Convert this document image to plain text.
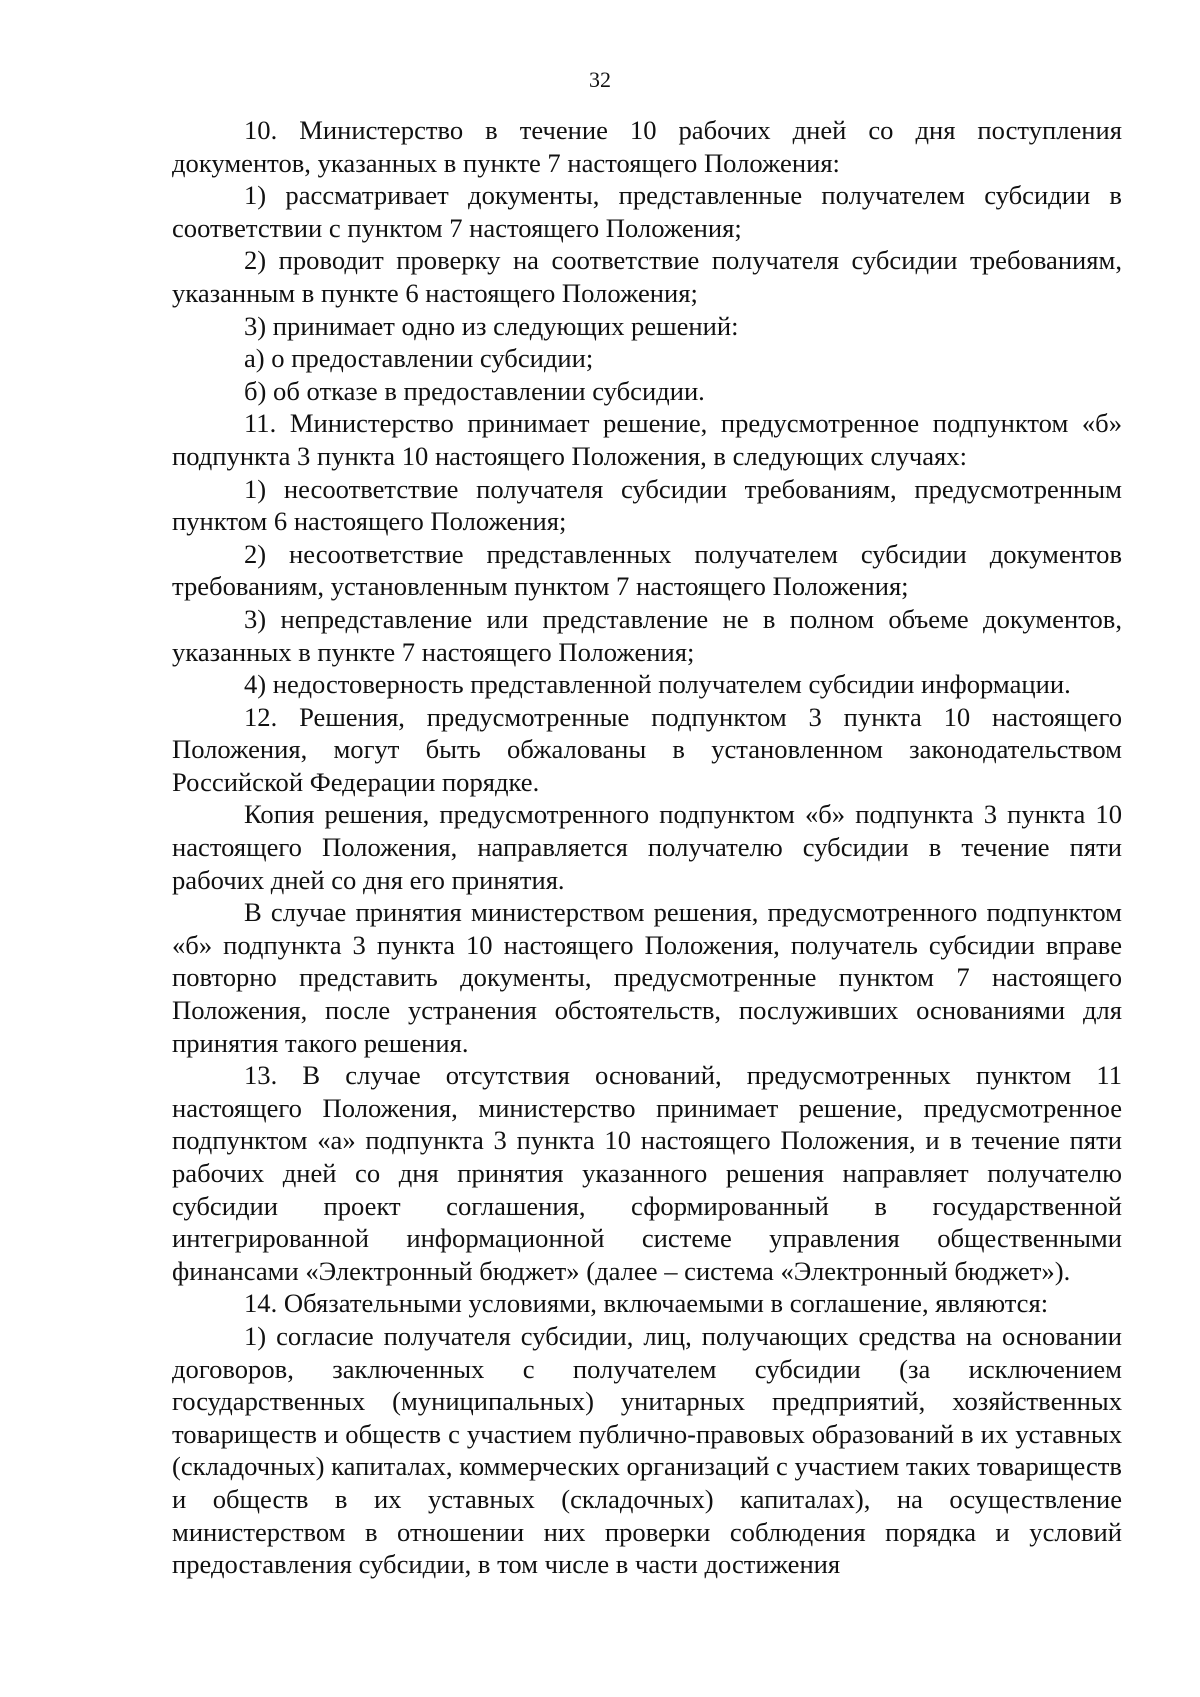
32

10. Министерство в течение 10 рабочих дней со дня поступления документов, указанных в пункте 7 настоящего Положения:

1) рассматривает документы, представленные получателем субсидии в соответствии с пунктом 7 настоящего Положения;

2) проводит проверку на соответствие получателя субсидии требованиям, указанным в пункте 6 настоящего Положения;

3) принимает одно из следующих решений:

а) о предоставлении субсидии;

б) об отказе в предоставлении субсидии.

11. Министерство принимает решение, предусмотренное подпунктом «б» подпункта 3 пункта 10 настоящего Положения, в следующих случаях:

1) несоответствие получателя субсидии требованиям, предусмотренным пунктом 6 настоящего Положения;

2) несоответствие представленных получателем субсидии документов требованиям, установленным пунктом 7 настоящего Положения;

3) непредставление или представление не в полном объеме документов, указанных в пункте 7 настоящего Положения;

4) недостоверность представленной получателем субсидии информации.

12. Решения, предусмотренные подпунктом 3 пункта 10 настоящего Положения, могут быть обжалованы в установленном законодательством Российской Федерации порядке.

Копия решения, предусмотренного подпунктом «б» подпункта 3 пункта 10 настоящего Положения, направляется получателю субсидии в течение пяти рабочих дней со дня его принятия.

В случае принятия министерством решения, предусмотренного подпунктом «б» подпункта 3 пункта 10 настоящего Положения, получатель субсидии вправе повторно представить документы, предусмотренные пунктом 7 настоящего Положения, после устранения обстоятельств, послуживших основаниями для принятия такого решения.

13. В случае отсутствия оснований, предусмотренных пунктом 11 настоящего Положения, министерство принимает решение, предусмотренное подпунктом «а» подпункта 3 пункта 10 настоящего Положения, и в течение пяти рабочих дней со дня принятия указанного решения направляет получателю субсидии проект соглашения, сформированный в государственной интегрированной информационной системе управления общественными финансами «Электронный бюджет» (далее – система «Электронный бюджет»).

14. Обязательными условиями, включаемыми в соглашение, являются:

1) согласие получателя субсидии, лиц, получающих средства на основании договоров, заключенных с получателем субсидии (за исключением государственных (муниципальных) унитарных предприятий, хозяйственных товариществ и обществ с участием публично-правовых образований в их уставных (складочных) капиталах, коммерческих организаций с участием таких товариществ и обществ в их уставных (складочных) капиталах), на осуществление министерством в отношении них проверки соблюдения порядка и условий предоставления субсидии, в том числе в части достижения
